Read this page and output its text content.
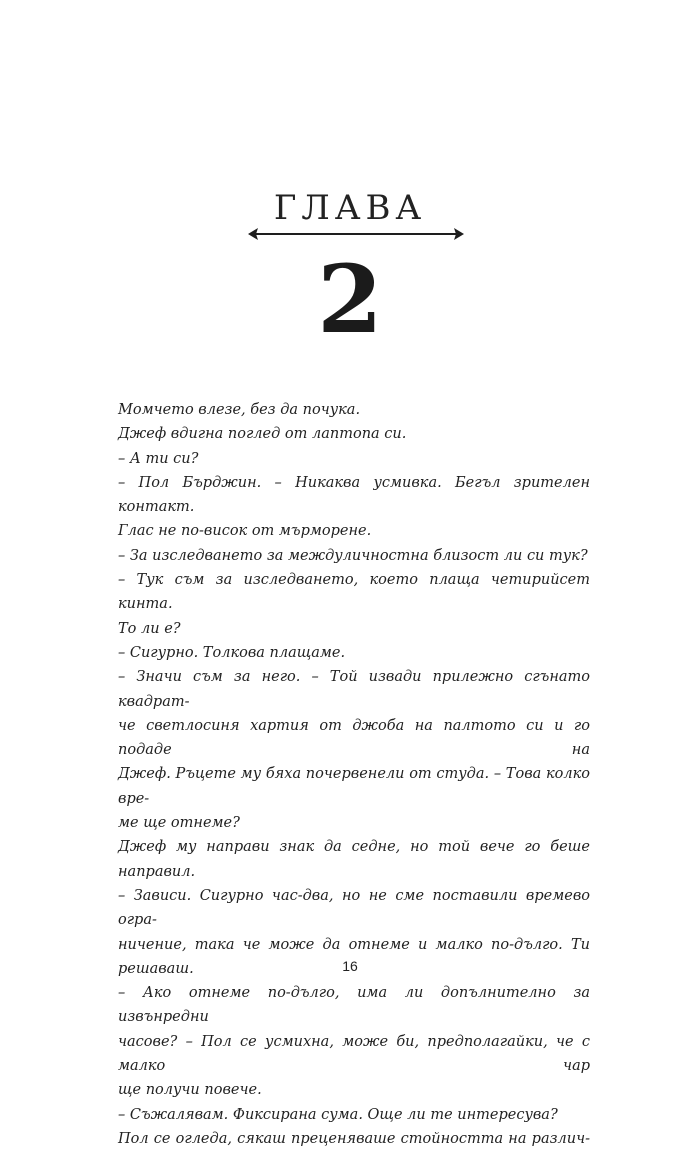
ГЛАВА
2
Момчето влезе, без да почука.
Джеф вдигна поглед от лаптопа си.
– А ти си?
– Пол Бърджин. – Никаква усмивка. Бегъл зрителен контакт.
Глас не по-висок от мърморене.
– За изследването за междуличностна близост ли си тук?
– Тук съм за изследването, което плаща четирийсет кинта.
То ли е?
– Сигурно. Толкова плащаме.
– Значи съм за него. – Той извади прилежно сгънато квадрат-
че светлосиня хартия от джоба на палтото си и го подаде на
Джеф. Ръцете му бяха почервенели от студа. – Това колко вре-
ме ще отнеме?
Джеф му направи знак да седне, но той вече го беше направил.
– Зависи. Сигурно час-два, но не сме поставили времево огра-
ничение, така че може да отнеме и малко по-дълго. Ти решаваш.
– Ако отнеме по-дълго, има ли допълнително за извънредни
часове? – Пол се усмихна, може би, предполагайки, че с малко чар
ще получи повече.
– Съжалявам. Фиксирана сума. Още ли те интересува?
Пол се огледа, сякаш преценяваше стойността на различ-
16
